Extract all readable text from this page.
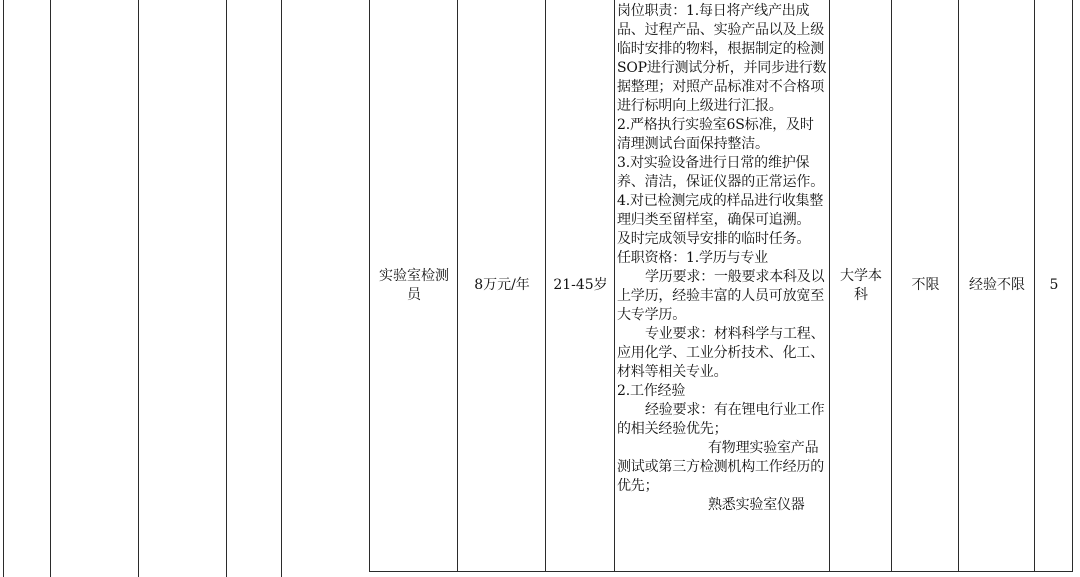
实验室检测员
8万元/年 21-45岁

岗位职责：1.每日将产线产出成品、过程产品、实验产品以及上级临时安排的物料，根据制定的检测SOP进行测试分析，并同步进行数据整理；对照产品标准对不合格项进行标明向上级进行汇报。

2.严格执行实验室6S标准，及时清理测试台面保持整洁。

3.对实验设备进行日常的维护保养、清洁，保证仪器的正常运作。

4.对已检测完成的样品进行收集整理归类至留样室，确保可追溯。

及时完成领导安排的临时任务。

任职资格：1.学历与专业

学历要求：一般要求本科及以上学历，经验丰富的人员可放宽至大专学历。

专业要求：材料科学与工程、应用化学、工业分析技术、化工、材料等相关专业。

2.工作经验

经验要求：有在锂电行业工作的相关经验优先；

有物理实验室产品测试或第三方检测机构工作经历的优先；

熟悉实验室仪器

大学本科
不限 经验不限 5
